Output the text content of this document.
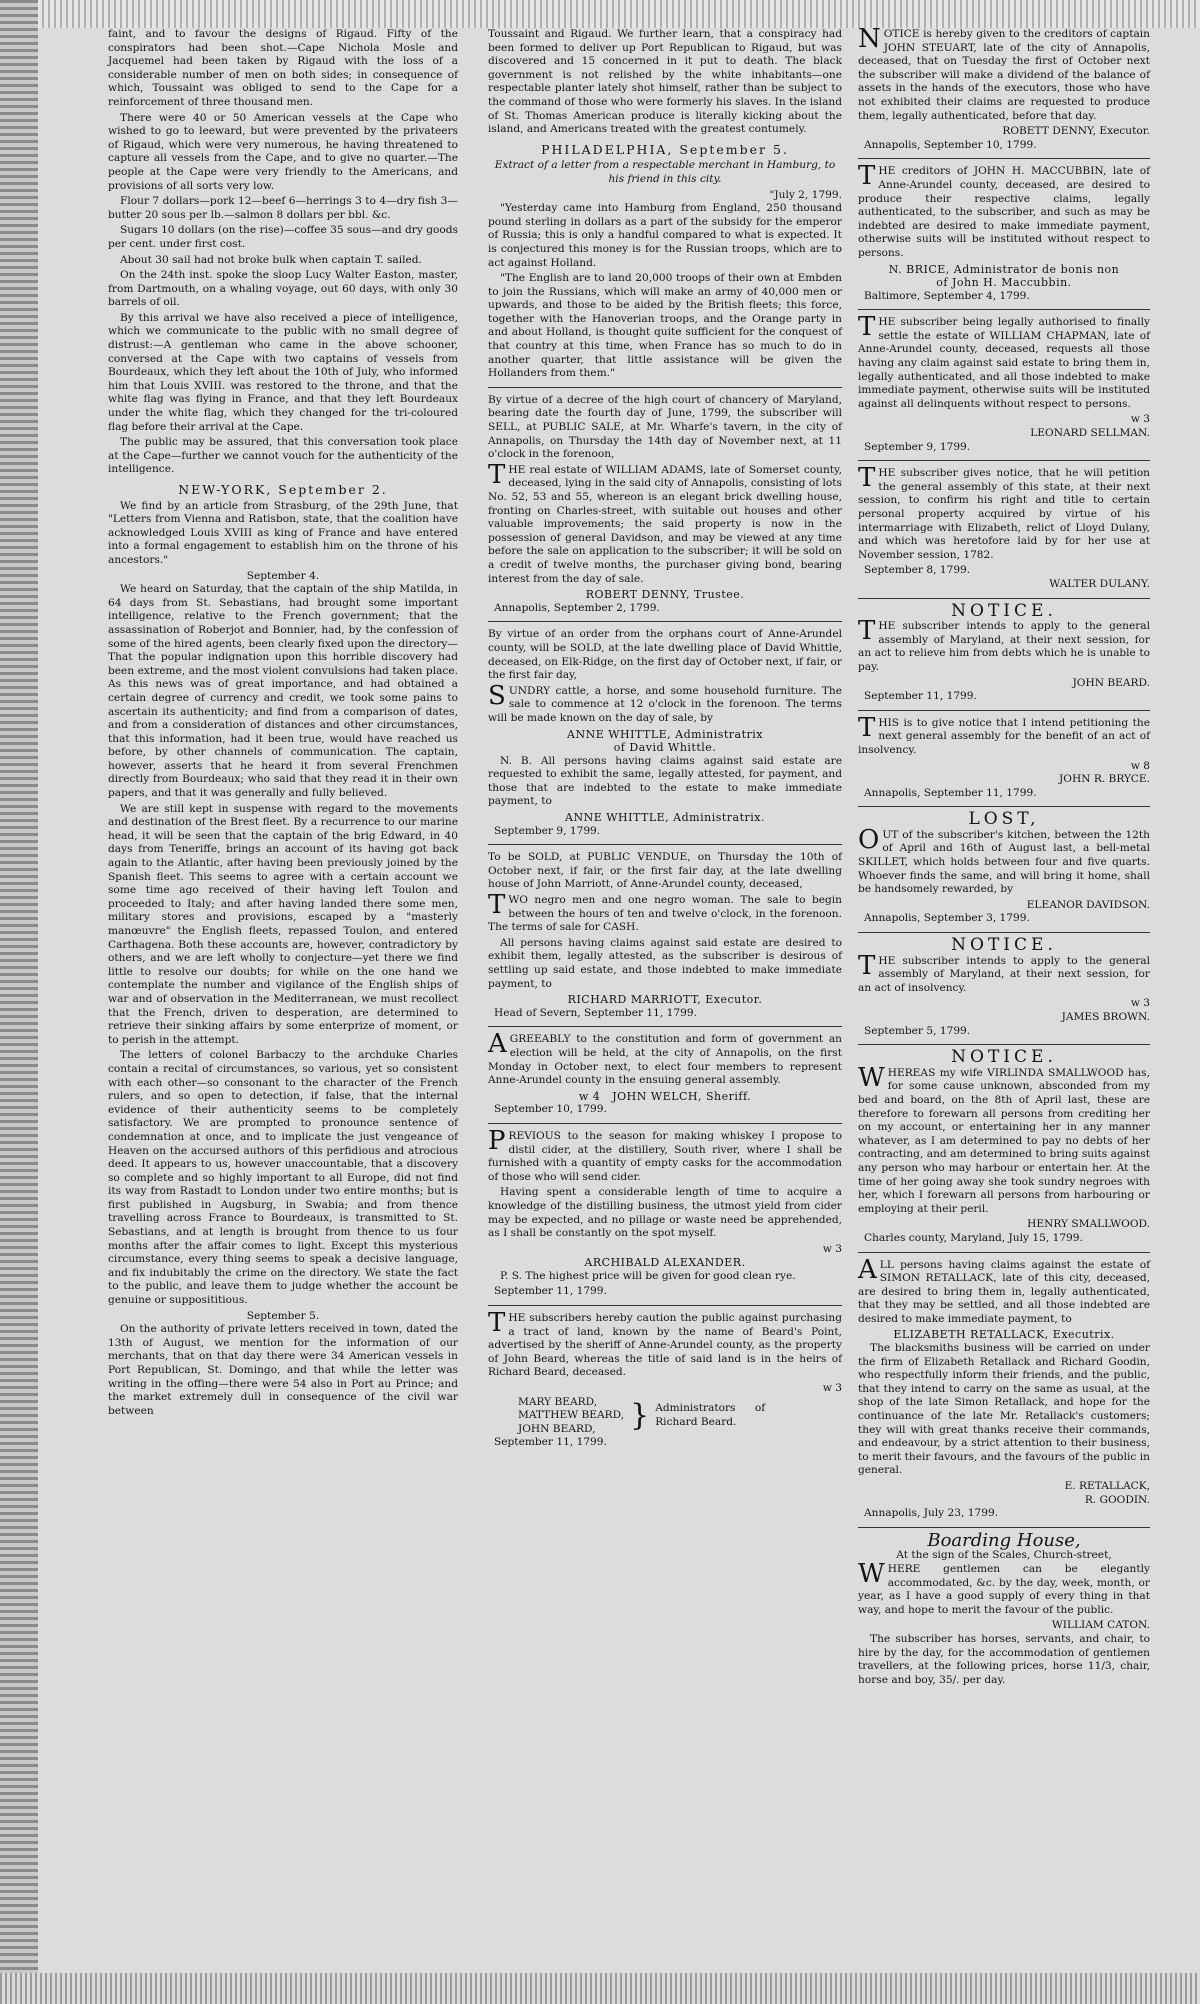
faint, and to favour the designs of Rigaud. Fifty of the conspirators had been shot.—Cape Nichola Mosle and Jacquemel had been taken by Rigaud with the loss of a considerable number of men on both sides; in consequence of which, Toussaint was obliged to send to the Cape for a reinforcement of three thousand men.

There were 40 or 50 American vessels at the Cape who wished to go to leeward, but were prevented by the privateers of Rigaud, which were very numerous, he having threatened to capture all vessels from the Cape, and to give no quarter.—The people at the Cape were very friendly to the Americans, and provisions of all sorts very low.

Flour 7 dollars—pork 12—beef 6—herrings 3 to 4—dry fish 3—butter 20 sous per lb.—salmon 8 dollars per bbl. &c.

Sugars 10 dollars (on the rise)—coffee 35 sous—and dry goods per cent. under first cost.

About 30 sail had not broke bulk when captain T. sailed.

On the 24th inst. spoke the sloop Lucy Walter Easton, master, from Dartmouth, on a whaling voyage, out 60 days, with only 30 barrels of oil.

By this arrival we have also received a piece of intelligence, which we communicate to the public with no small degree of distrust:—A gentleman who came in the above schooner, conversed at the Cape with two captains of vessels from Bourdeaux, which they left about the 10th of July, who informed him that Louis XVIII. was restored to the throne, and that the white flag was flying in France, and that they left Bourdeaux under the white flag, which they changed for the tri-coloured flag before their arrival at the Cape.

The public may be assured, that this conversation took place at the Cape—further we cannot vouch for the authenticity of the intelligence.

NEW-YORK, September 2.

We find by an article from Strasburg, of the 29th June, that "Letters from Vienna and Ratisbon, state, that the coalition have acknowledged Louis XVIII as king of France and have entered into a formal engagement to establish him on the throne of his ancestors."

September 4.

We heard on Saturday, that the captain of the ship Matilda, in 64 days from St. Sebastians, had brought some important intelligence, relative to the French government; that the assassination of Roberjot and Bonnier, had, by the confession of some of the hired agents, been clearly fixed upon the directory—That the popular indignation upon this horrible discovery had been extreme, and the most violent convulsions had taken place. As this news was of great importance, and had obtained a certain degree of currency and credit, we took some pains to ascertain its authenticity; and find from a comparison of dates, and from a consideration of distances and other circumstances, that this information, had it been true, would have reached us before, by other channels of communication. The captain, however, asserts that he heard it from several Frenchmen directly from Bourdeaux; who said that they read it in their own papers, and that it was generally and fully believed.

We are still kept in suspense with regard to the movements and destination of the Brest fleet. By a recurrence to our marine head, it will be seen that the captain of the brig Edward, in 40 days from Teneriffe, brings an account of its having got back again to the Atlantic, after having been previously joined by the Spanish fleet. This seems to agree with a certain account we some time ago received of their having left Toulon and proceeded to Italy; and after having landed there some men, military stores and provisions, escaped by a "masterly manœuvre" the English fleets, repassed Toulon, and entered Carthagena. Both these accounts are, however, contradictory by others, and we are left wholly to conjecture—yet there we find little to resolve our doubts; for while on the one hand we contemplate the number and vigilance of the English ships of war and of observation in the Mediterranean, we must recollect that the French, driven to desperation, are determined to retrieve their sinking affairs by some enterprize of moment, or to perish in the attempt.

The letters of colonel Barbaczy to the archduke Charles contain a recital of circumstances, so various, yet so consistent with each other—so consonant to the character of the French rulers, and so open to detection, if false, that the internal evidence of their authenticity seems to be completely satisfactory. We are prompted to pronounce sentence of condemnation at once, and to implicate the just vengeance of Heaven on the accursed authors of this perfidious and atrocious deed. It appears to us, however unaccountable, that a discovery so complete and so highly important to all Europe, did not find its way from Rastadt to London under two entire months; but is first published in Augsburg, in Swabia; and from thence travelling across France to Bourdeaux, is transmitted to St. Sebastians, and at length is brought from thence to us four months after the affair comes to light. Except this mysterious circumstance, every thing seems to speak a decisive language, and fix indubitably the crime on the directory. We state the fact to the public, and leave them to judge whether the account be genuine or supposititious.

September 5.

On the authority of private letters received in town, dated the 13th of August, we mention for the information of our merchants, that on that day there were 34 American vessels in Port Republican, St. Domingo, and that while the letter was writing in the offing—there were 54 also in Port au Prince; and the market extremely dull in consequence of the civil war between

Toussaint and Rigaud. We further learn, that a conspiracy had been formed to deliver up Port Republican to Rigaud, but was discovered and 15 concerned in it put to death. The black government is not relished by the white inhabitants—one respectable planter lately shot himself, rather than be subject to the command of those who were formerly his slaves. In the island of St. Thomas American produce is literally kicking about the island, and Americans treated with the greatest contumely.

PHILADELPHIA, September 5.
Extract of a letter from a respectable merchant in Hamburg, to his friend in this city.
"July 2, 1799.

"Yesterday came into Hamburg from England, 250 thousand pound sterling in dollars as a part of the subsidy for the emperor of Russia; this is only a handful compared to what is expected. It is conjectured this money is for the Russian troops, which are to act against Holland.

"The English are to land 20,000 troops of their own at Embden to join the Russians, which will make an army of 40,000 men or upwards, and those to be aided by the British fleets; this force, together with the Hanoverian troops, and the Orange party in and about Holland, is thought quite sufficient for the conquest of that country at this time, when France has so much to do in another quarter, that little assistance will be given the Hollanders from them."

By virtue of a decree of the high court of chancery of Maryland, bearing date the fourth day of June, 1799, the subscriber will SELL, at PUBLIC SALE, at Mr. Wharfe's tavern, in the city of Annapolis, on Thursday the 14th day of November next, at 11 o'clock in the forenoon,

THE real estate of WILLIAM ADAMS, late of Somerset county, deceased, lying in the said city of Annapolis, consisting of lots No. 52, 53 and 55, whereon is an elegant brick dwelling house, fronting on Charles-street, with suitable out houses and other valuable improvements; the said property is now in the possession of general Davidson, and may be viewed at any time before the sale on application to the subscriber; it will be sold on a credit of twelve months, the purchaser giving bond, bearing interest from the day of sale.

ROBERT DENNY, Trustee.
Annapolis, September 2, 1799.

By virtue of an order from the orphans court of Anne-Arundel county, will be SOLD, at the late dwelling place of David Whittle, deceased, on Elk-Ridge, on the first day of October next, if fair, or the first fair day,

SUNDRY cattle, a horse, and some household furniture. The sale to commence at 12 o'clock in the forenoon. The terms will be made known on the day of sale, by

ANNE WHITTLE, Administratrix
of David Whittle.

N. B. All persons having claims against said estate are requested to exhibit the same, legally attested, for payment, and those that are indebted to the estate to make immediate payment, to

ANNE WHITTLE, Administratrix.
September 9, 1799.

To be SOLD, at PUBLIC VENDUE, on Thursday the 10th of October next, if fair, or the first fair day, at the late dwelling house of John Marriott, of Anne-Arundel county, deceased,

TWO negro men and one negro woman. The sale to begin between the hours of ten and twelve o'clock, in the forenoon. The terms of sale for CASH.

All persons having claims against said estate are desired to exhibit them, legally attested, as the subscriber is desirous of settling up said estate, and those indebted to make immediate payment, to

RICHARD MARRIOTT, Executor.
Head of Severn, September 11, 1799.

AGREEABLY to the constitution and form of government an election will be held, at the city of Annapolis, on the first Monday in October next, to elect four members to represent Anne-Arundel county in the ensuing general assembly.

w 4 JOHN WELCH, Sheriff.
September 10, 1799.

PREVIOUS to the season for making whiskey I propose to distil cider, at the distillery, South river, where I shall be furnished with a quantity of empty casks for the accommodation of those who will send cider.

Having spent a considerable length of time to acquire a knowledge of the distilling business, the utmost yield from cider may be expected, and no pillage or waste need be apprehended, as I shall be constantly on the spot myself.

w 3
ARCHIBALD ALEXANDER.

P. S. The highest price will be given for good clean rye.

September 11, 1799.

THE subscribers hereby caution the public against purchasing a tract of land, known by the name of Beard's Point, advertised by the sheriff of Anne-Arundel county, as the property of John Beard, whereas the title of said land is in the heirs of Richard Beard, deceased.

w 3
MARY BEARD,
MATTHEW BEARD,
JOHN BEARD,	} Administrators of Richard Beard.
September 11, 1799.

NOTICE is hereby given to the creditors of captain JOHN STEUART, late of the city of Annapolis, deceased, that on Tuesday the first of October next the subscriber will make a dividend of the balance of assets in the hands of the executors, those who have not exhibited their claims are requested to produce them, legally authenticated, before that day.

ROBETT DENNY, Executor.
Annapolis, September 10, 1799.

THE creditors of JOHN H. MACCUBBIN, late of Anne-Arundel county, deceased, are desired to produce their respective claims, legally authenticated, to the subscriber, and such as may be indebted are desired to make immediate payment, otherwise suits will be instituted without respect to persons.

N. BRICE, Administrator de bonis non
of John H. Maccubbin.
Baltimore, September 4, 1799.

THE subscriber being legally authorised to finally settle the estate of WILLIAM CHAPMAN, late of Anne-Arundel county, deceased, requests all those having any claim against said estate to bring them in, legally authenticated, and all those indebted to make immediate payment, otherwise suits will be instituted against all delinquents without respect to persons.

w 3
LEONARD SELLMAN.
September 9, 1799.

THE subscriber gives notice, that he will petition the general assembly of this state, at their next session, to confirm his right and title to certain personal property acquired by virtue of his intermarriage with Elizabeth, relict of Lloyd Dulany, and which was heretofore laid by for her use at November session, 1782.

September 8, 1799.
WALTER DULANY.
NOTICE.

THE subscriber intends to apply to the general assembly of Maryland, at their next session, for an act to relieve him from debts which he is unable to pay.

JOHN BEARD.
September 11, 1799.

THIS is to give notice that I intend petitioning the next general assembly for the benefit of an act of insolvency.

w 8
JOHN R. BRYCE.
Annapolis, September 11, 1799.
LOST,

OUT of the subscriber's kitchen, between the 12th of April and 16th of August last, a bell-metal SKILLET, which holds between four and five quarts. Whoever finds the same, and will bring it home, shall be handsomely rewarded, by

ELEANOR DAVIDSON.
Annapolis, September 3, 1799.
NOTICE.

THE subscriber intends to apply to the general assembly of Maryland, at their next session, for an act of insolvency.

w 3
JAMES BROWN.
September 5, 1799.
NOTICE.

WHEREAS my wife VIRLINDA SMALLWOOD has, for some cause unknown, absconded from my bed and board, on the 8th of April last, these are therefore to forewarn all persons from crediting her on my account, or entertaining her in any manner whatever, as I am determined to pay no debts of her contracting, and am determined to bring suits against any person who may harbour or entertain her. At the time of her going away she took sundry negroes with her, which I forewarn all persons from harbouring or employing at their peril.

HENRY SMALLWOOD.
Charles county, Maryland, July 15, 1799.

ALL persons having claims against the estate of SIMON RETALLACK, late of this city, deceased, are desired to bring them in, legally authenticated, that they may be settled, and all those indebted are desired to make immediate payment, to

ELIZABETH RETALLACK, Executrix.

The blacksmiths business will be carried on under the firm of Elizabeth Retallack and Richard Goodin, who respectfully inform their friends, and the public, that they intend to carry on the same as usual, at the shop of the late Simon Retallack, and hope for the continuance of the late Mr. Retallack's customers; they will with great thanks receive their commands, and endeavour, by a strict attention to their business, to merit their favours, and the favours of the public in general.

E. RETALLACK,
R. GOODIN.
Annapolis, July 23, 1799.
Boarding House,
At the sign of the Scales, Church-street,

WHERE gentlemen can be elegantly accommodated, &c. by the day, week, month, or year, as I have a good supply of every thing in that way, and hope to merit the favour of the public.

WILLIAM CATON.

The subscriber has horses, servants, and chair, to hire by the day, for the accommodation of gentlemen travellers, at the following prices, horse 11/3, chair, horse and boy, 35/. per day.
